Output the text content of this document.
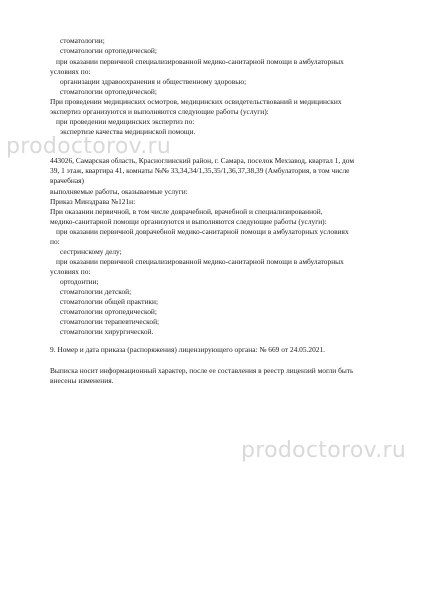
стоматологии;
стоматологии ортопедической;
при оказании первичной специализированной медико-санитарной помощи в амбулаторных
условиях по:
организации здравоохранения и общественному здоровью;
стоматологии ортопедической;
При проведении медицинских осмотров, медицинских освидетельствований и медицинских
экспертиз организуются и выполняются следующие работы (услуги):
при проведении медицинских экспертиз по:
экспертизе качества медицинской помощи.
443026, Самарская область, Красноглинский район, г. Самара, поселок Мехзавод, квартал 1, дом
39, 1 этаж, квартира 41, комнаты №№ 33,34,34/1,35,35/1,36,37,38,39 (Амбулатория, в том числе
врачебная)
выполняемые работы, оказываемые услуги:
Приказ Минздрава №121н:
При оказании первичной, в том числе доврачебной, врачебной и специализированной,
медико-санитарной помощи организуются и выполняются следующие работы (услуги):
при оказании первичной доврачебной медико-санитарной помощи в амбулаторных условиях
по:
сестринскому делу;
при оказании первичной специализированной медико-санитарной помощи в амбулаторных
условиях по:
ортодонтии;
стоматологии детской;
стоматологии общей практики;
стоматологии ортопедической;
стоматологии терапевтической;
стоматологии хирургической.
9. Номер и дата приказа (распоряжения) лицензирующего органа: № 669 от 24.05.2021.
Выписка носит информационный характер, после ее составления в реестр лицензий могли быть
внесены изменения.
prodoctorov.ru
prodoctorov.ru
